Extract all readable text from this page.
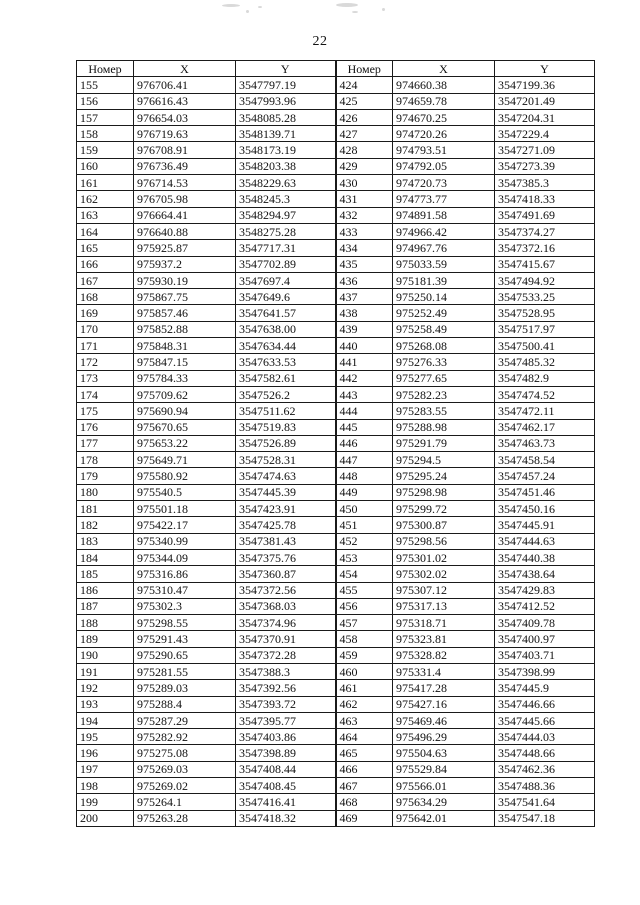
22
Номер	X	Y	Номер	X	Y
155	976706.41	3547797.19	424	974660.38	3547199.36
156	976616.43	3547993.96	425	974659.78	3547201.49
157	976654.03	3548085.28	426	974670.25	3547204.31
158	976719.63	3548139.71	427	974720.26	3547229.4
159	976708.91	3548173.19	428	974793.51	3547271.09
160	976736.49	3548203.38	429	974792.05	3547273.39
161	976714.53	3548229.63	430	974720.73	3547385.3
162	976705.98	3548245.3	431	974773.77	3547418.33
163	976664.41	3548294.97	432	974891.58	3547491.69
164	976640.88	3548275.28	433	974966.42	3547374.27
165	975925.87	3547717.31	434	974967.76	3547372.16
166	975937.2	3547702.89	435	975033.59	3547415.67
167	975930.19	3547697.4	436	975181.39	3547494.92
168	975867.75	3547649.6	437	975250.14	3547533.25
169	975857.46	3547641.57	438	975252.49	3547528.95
170	975852.88	3547638.00	439	975258.49	3547517.97
171	975848.31	3547634.44	440	975268.08	3547500.41
172	975847.15	3547633.53	441	975276.33	3547485.32
173	975784.33	3547582.61	442	975277.65	3547482.9
174	975709.62	3547526.2	443	975282.23	3547474.52
175	975690.94	3547511.62	444	975283.55	3547472.11
176	975670.65	3547519.83	445	975288.98	3547462.17
177	975653.22	3547526.89	446	975291.79	3547463.73
178	975649.71	3547528.31	447	975294.5	3547458.54
179	975580.92	3547474.63	448	975295.24	3547457.24
180	975540.5	3547445.39	449	975298.98	3547451.46
181	975501.18	3547423.91	450	975299.72	3547450.16
182	975422.17	3547425.78	451	975300.87	3547445.91
183	975340.99	3547381.43	452	975298.56	3547444.63
184	975344.09	3547375.76	453	975301.02	3547440.38
185	975316.86	3547360.87	454	975302.02	3547438.64
186	975310.47	3547372.56	455	975307.12	3547429.83
187	975302.3	3547368.03	456	975317.13	3547412.52
188	975298.55	3547374.96	457	975318.71	3547409.78
189	975291.43	3547370.91	458	975323.81	3547400.97
190	975290.65	3547372.28	459	975328.82	3547403.71
191	975281.55	3547388.3	460	975331.4	3547398.99
192	975289.03	3547392.56	461	975417.28	3547445.9
193	975288.4	3547393.72	462	975427.16	3547446.66
194	975287.29	3547395.77	463	975469.46	3547445.66
195	975282.92	3547403.86	464	975496.29	3547444.03
196	975275.08	3547398.89	465	975504.63	3547448.66
197	975269.03	3547408.44	466	975529.84	3547462.36
198	975269.02	3547408.45	467	975566.01	3547488.36
199	975264.1	3547416.41	468	975634.29	3547541.64
200	975263.28	3547418.32	469	975642.01	3547547.18
